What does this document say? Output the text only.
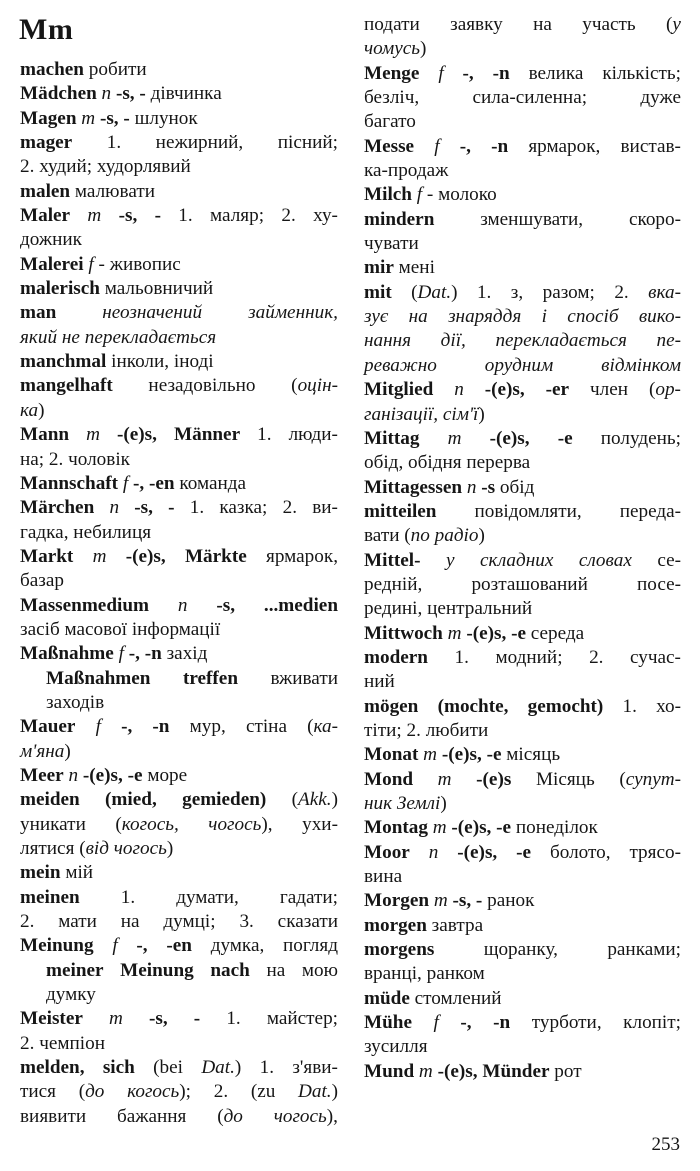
Mm
machen
робити
Mädchen
n
-s,
-
дівчинка
Magen
m
-s,
-
шлунок
mager 1. нежирний, пісний;
2.
худий;
худорлявий
malen
малювати
Maler m -s, - 1. маляр; 2. ху-
дожник
Malerei
f
-
живопис
malerisch
мальовничий
man неозначений займенник,
який
не
перекладається
manchmal
інколи,
іноді
mangelhaft незадовільно (оцін-
ка)
Mann m -(e)s, Männer 1. люди-
на;
2.
чоловік
Mannschaft
f
-,
-en
команда
Märchen n -s, - 1. казка; 2. ви-
гадка,
небилиця
Markt m -(e)s, Märkte ярмарок,
базар
Massenmedium n -s, ...medien
засіб
масової
інформації
Maßnahme
f
-,
-n
захід
Maßnahmen treffen вживати
заходів
Mauer f -, -n мур, стіна (ка-
м'яна)
Meer
n
-(e)s,
-e
море
meiden (mied, gemieden) (Akk.)
уникати (когось, чогось), ухи-
лятися
(від
чогось)
mein
мій
meinen 1. думати, гадати;
2. мати на думці; 3. сказати
Meinung f -, -en думка, погляд
meiner Meinung nach на мою
думку
Meister m -s, - 1. майстер;
2.
чемпіон
melden, sich (bei Dat.) 1. з'яви-
тися (до когось); 2. (zu Dat.)
виявити бажання (до чогось),
подати заявку на участь (у
чомусь)
Menge f -, -n велика кількість;
безліч,	сила-силенна;	дуже
багато
Messe f -, -n ярмарок, вистав-
ка-продаж
Milch
f
-
молоко
mindern зменшувати, скоро-
чувати
mir
мені
mit (Dat.) 1. з, разом; 2. вка-
зує на знаряддя і спосіб вико-
нання дії, перекладається пе-
реважно орудним відмінком
Mitglied n -(e)s, -er член (ор-
ганізації,
сім'ї)
Mittag m -(e)s, -e полудень;
обід,
обідня
перерва
Mittagessen
n
-s
обід
mitteilen повідомляти, переда-
вати
(по
радіо)
Mittel- у складних словах се-
редній,	розташований	посе-
редині,
центральний
Mittwoch
m
-(e)s,
-e
середа
modern 1. модний; 2. сучас-
ний
mögen (mochte, gemocht) 1. хо-
тіти;
2.
любити
Monat
m
-(e)s,
-e
місяць
Mond m -(e)s Місяць (супут-
ник
Землі)
Montag
m
-(e)s,
-e
понеділок
Moor n -(e)s, -e болото, трясо-
вина
Morgen
m
-s,
-
ранок
morgen
завтра
morgens	щоранку,	ранками;
вранці,
ранком
müde
стомлений
Mühe f -, -n турботи, клопіт;
зусилля
Mund
m
-(e)s,
Münder
рот
253
